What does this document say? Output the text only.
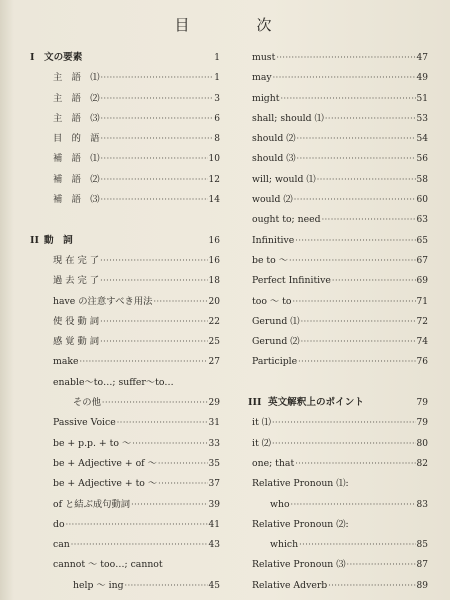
目　次
I 文の要素	1
主　語　⑴ ·····	1
主　語　⑵ ·····	3
主　語　⑶ ·····	6
目　的　語 ·····	8
補　語　⑴ ·····	10
補　語　⑵ ·····	12
補　語　⑶ ·····	14
II 動　詞	16
現 在 完 了 ·····	16
過 去 完 了 ·····	18
have の注意すべき用法 ·····	20
使 役 動 詞 ·····	22
感 覚 動 詞 ·····	25
make ·····	27
enable～to…; suffer～to…
その他 ·····	29
Passive Voice ·····	31
be + p.p. + to ～ ·····	33
be + Adjective + of ～ ·····	35
be + Adjective + to ～ ·····	37
of と結ぶ成句動詞 ·····	39
do ·····	41
can ·····	43
cannot ～ too…; cannot
help ～ ing ·····	45
must ·····	47
may ·····	49
might ·····	51
shall; should ⑴ ·····	53
should ⑵ ·····	54
should ⑶ ·····	56
will; would ⑴ ·····	58
would ⑵ ·····	60
ought to; need ·····	63
Infinitive ·····	65
be to ～ ·····	67
Perfect Infinitive ·····	69
too ～ to ·····	71
Gerund ⑴ ·····	72
Gerund ⑵ ·····	74
Participle ·····	76
III 英文解釈上のポイント	79
it ⑴ ·····	79
it ⑵ ·····	80
one; that ·····	82
Relative Pronoun ⑴:
who ·····	83
Relative Pronoun ⑵:
which ·····	85
Relative Pronoun ⑶ ·····	87
Relative Adverb ·····	89
